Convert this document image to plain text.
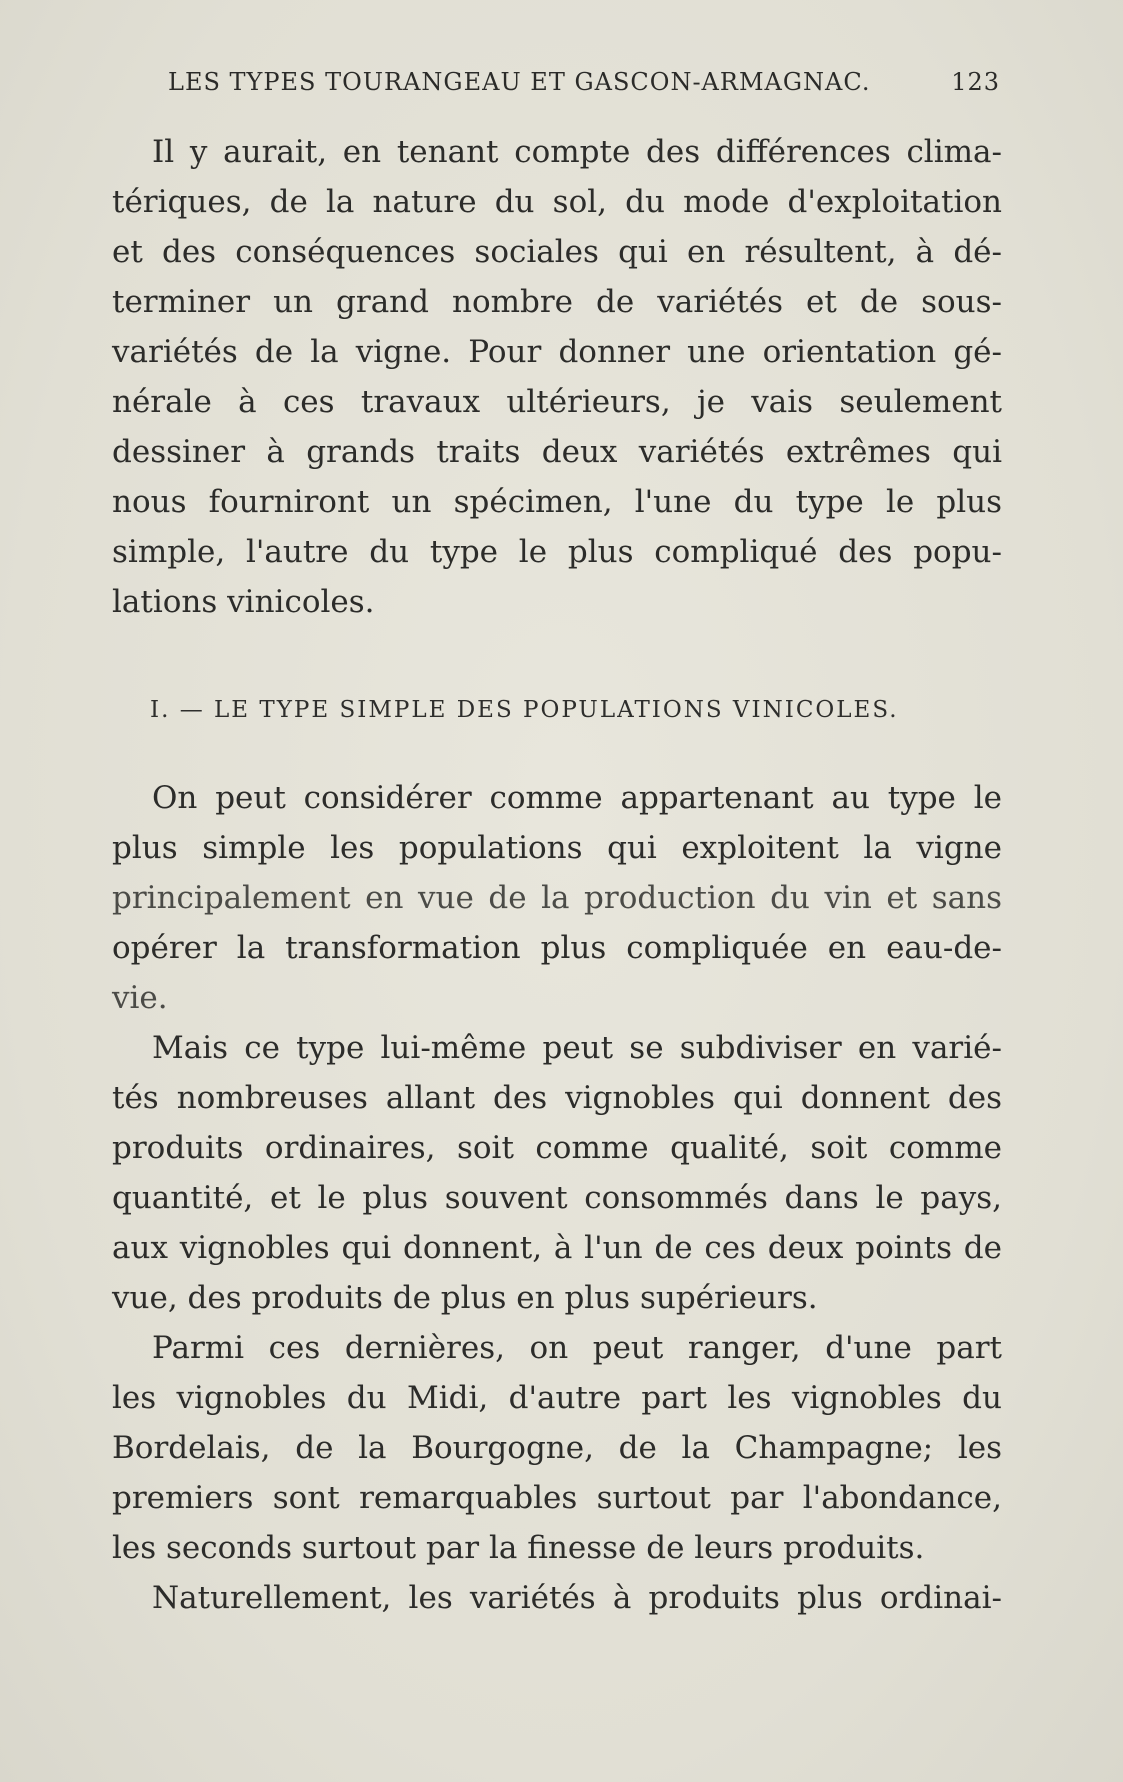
LES TYPES TOURANGEAU ET GASCON-ARMAGNAC.	123
Il y aurait, en tenant compte des différences clima-
tériques, de la nature du sol, du mode d'exploitation
et des conséquences sociales qui en résultent, à dé-
terminer un grand nombre de variétés et de sous-
variétés de la vigne. Pour donner une orientation gé-
nérale à ces travaux ultérieurs, je vais seulement
dessiner à grands traits deux variétés extrêmes qui
nous fourniront un spécimen, l'une du type le plus
simple, l'autre du type le plus compliqué des popu-
lations vinicoles.
I. — LE TYPE SIMPLE DES POPULATIONS VINICOLES.
On peut considérer comme appartenant au type le
plus simple les populations qui exploitent la vigne
principalement en vue de la production du vin et sans
opérer la transformation plus compliquée en eau-de-
vie.
Mais ce type lui-même peut se subdiviser en varié-
tés nombreuses allant des vignobles qui donnent des
produits ordinaires, soit comme qualité, soit comme
quantité, et le plus souvent consommés dans le pays,
aux vignobles qui donnent, à l'un de ces deux points de
vue, des produits de plus en plus supérieurs.
Parmi ces dernières, on peut ranger, d'une part
les vignobles du Midi, d'autre part les vignobles du
Bordelais, de la Bourgogne, de la Champagne; les
premiers sont remarquables surtout par l'abondance,
les seconds surtout par la finesse de leurs produits.
Naturellement, les variétés à produits plus ordinai-
